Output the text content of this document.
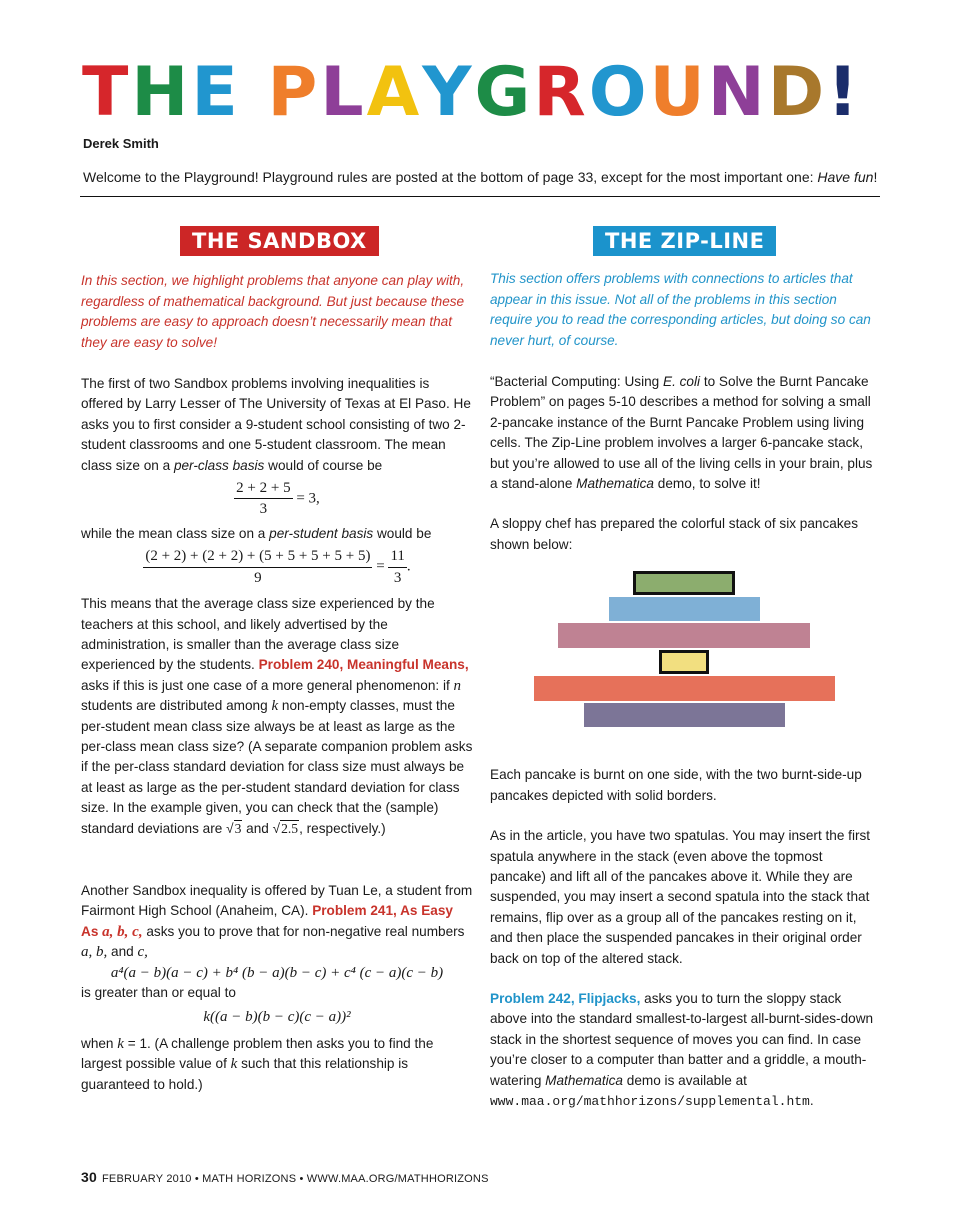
THE PLAYGROUND!
Derek Smith
Welcome to the Playground! Playground rules are posted at the bottom of page 33, except for the most important one: Have fun!
THE SANDBOX

In this section, we highlight problems that anyone can play with, regardless of mathematical background. But just because these problems are easy to approach doesn’t necessarily mean that they are easy to solve!

The first of two Sandbox problems involving inequalities is offered by Larry Lesser of The University of Texas at El Paso. He asks you to first consider a 9-student school consisting of two 2-student classrooms and one 5-student classroom. The mean class size on a per-class basis would of course be

$\frac{2 + 2 + 5}{3} = 3$,

while the mean class size on a per-student basis would be

$\frac{(2 + 2) + (2 + 2) + (5 + 5 + 5 + 5 + 5)}{9} = \frac{11}{3}$ .

This means that the average class size experienced by the teachers at this school, and likely advertised by the administration, is smaller than the average class size experienced by the students. Problem 240, Meaningful Means, asks if this is just one case of a more general phenomenon: if n students are distributed among k non-empty classes, must the per-student mean class size always be at least as large as the per-class mean class size? (A separate companion problem asks if the per-class standard deviation for class size must always be at least as large as the per-student standard deviation for class size. In the example given, you can check that the (sample) standard deviations are √3 and √2.5, respectively.)

Another Sandbox inequality is offered by Tuan Le, a student from Fairmont High School (Anaheim, CA). Problem 241, As Easy As a, b, c, asks you to prove that for non-negative real numbers a, b, and c,

a⁴(a − b)(a − c) + b⁴ (b − a)(b − c) + c⁴ (c − a)(c − b)

is greater than or equal to

k((a − b)(b − c)(c − a))²

when k = 1. (A challenge problem then asks you to find the largest possible value of k such that this relationship is guaranteed to hold.)

THE ZIP-LINE

This section offers problems with connections to articles that appear in this issue. Not all of the problems in this section require you to read the corresponding articles, but doing so can never hurt, of course.

“Bacterial Computing: Using E. coli to Solve the Burnt Pancake Problem” on pages 5-10 describes a method for solving a small 2-pancake instance of the Burnt Pancake Problem using living cells. The Zip-Line problem involves a larger 6-pancake stack, but you’re allowed to use all of the living cells in your brain, plus a stand-alone Mathematica demo, to solve it!

A sloppy chef has prepared the colorful stack of six pancakes shown below:

Each pancake is burnt on one side, with the two burnt-side-up pancakes depicted with solid borders.

As in the article, you have two spatulas. You may insert the first spatula anywhere in the stack (even above the topmost pancake) and lift all of the pancakes above it. While they are suspended, you may insert a second spatula into the stack that remains, flip over as a group all of the pancakes resting on it, and then place the suspended pancakes in their original order back on top of the altered stack.

Problem 242, Flipjacks, asks you to turn the sloppy stack above into the standard smallest-to-largest all-burnt-sides-down stack in the shortest sequence of moves you can find. In case you’re closer to a computer than batter and a griddle, a mouth-watering Mathematica demo is available at www.maa.org/mathhorizons/supplemental.htm.

30 FEBRUARY 2010 • MATH HORIZONS • WWW.MAA.ORG/MATHHORIZONS
